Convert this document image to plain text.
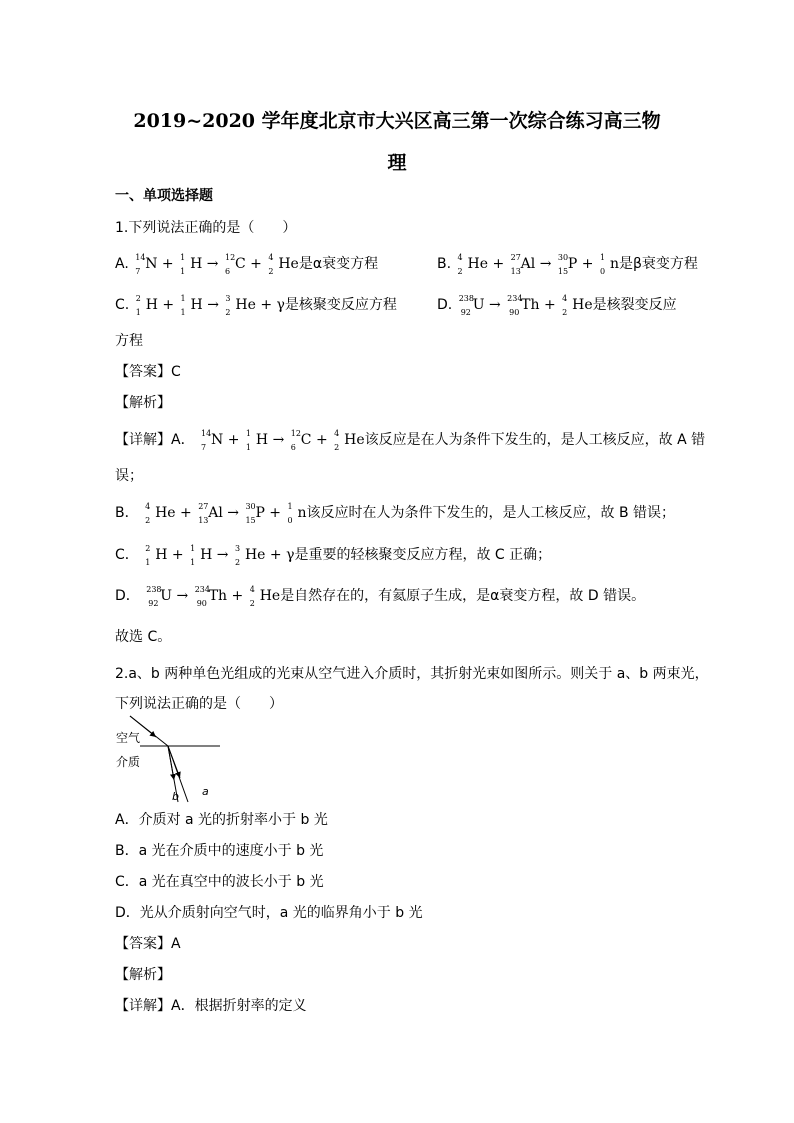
2019~2020 学年度北京市大兴区高三第一次综合练习高三物
理
一、单项选择题
1.下列说法正确的是（　　）
A. 14
7 N + 1
1 H → 12
6 C + 4
2 He是α衰变方程	B. 4
2 He + 27
13 Al → 30
15 P + 1
0 n是β衰变方程
C. 2
1 H + 1
1 H → 3
2 He + γ是核聚变反应方程	D. 238
92 U → 234
90 Th + 4
2 He是核裂变反应
方程
【答案】C
【解析】
【详解】A． 14
7 N + 1
1 H → 12
6 C + 4
2 He该反应是在人为条件下发生的，是人工核反应，故 A 错
误；
B． 4
2 He + 27
13 Al → 30
15 P + 1
0 n该反应时在人为条件下发生的，是人工核反应，故 B 错误；
C． 2
1 H + 1
1 H → 3
2 He + γ是重要的轻核聚变反应方程，故 C 正确；
D． 238
92 U → 234
90 Th + 4
2 He是自然存在的，有氦原子生成，是α衰变方程，故 D 错误。
故选 C。
2.a、b 两种单色光组成的光束从空气进入介质时，其折射光束如图所示。则关于 a、b 两束光，
下列说法正确的是（　　）
空气
介质
b a
A．介质对 a 光的折射率小于 b 光
B．a 光在介质中的速度小于 b 光
C．a 光在真空中的波长小于 b 光
D．光从介质射向空气时，a 光的临界角小于 b 光
【答案】A
【解析】
【详解】A．根据折射率的定义
